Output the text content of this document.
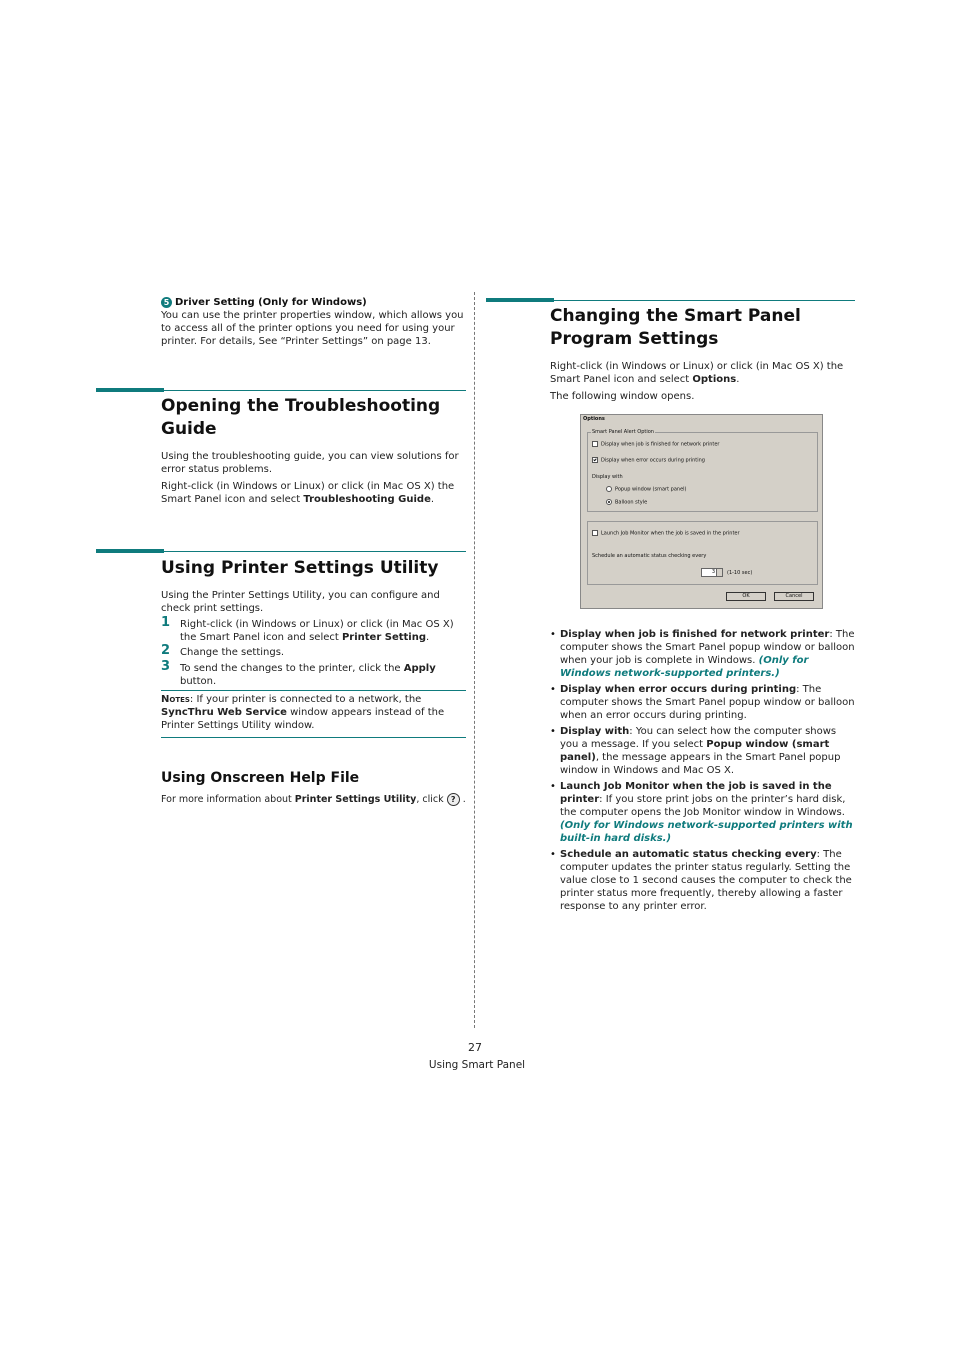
5 Driver Setting (Only for Windows)

You can use the printer properties window, which allows you to access all of the printer options you need for using your printer. For details, See “Printer Settings” on page 13.

Opening the Troubleshooting Guide

Using the troubleshooting guide, you can view solutions for error status problems.

Right-click (in Windows or Linux) or click (in Mac OS X) the Smart Panel icon and select Troubleshooting Guide.

Using Printer Settings Utility
Using the Printer Settings Utility, you can configure and check print settings.
1 Right-click (in Windows or Linux) or click (in Mac OS X) the Smart Panel icon and select Printer Setting.
2 Change the settings.
3 To send the changes to the printer, click the Apply button.
Notes: If your printer is connected to a network, the SyncThru Web Service window appears instead of the Printer Settings Utility window.
Using Onscreen Help File
For more information about Printer Settings Utility, click ? .
Changing the Smart Panel Program Settings

Right-click (in Windows or Linux) or click (in Mac OS X) the Smart Panel icon and select Options.

The following window opens.

Options
Smart Panel Alert Option
Display when job is finished for network printer
Display when error occurs during printing
Display with
Popup window (smart panel)
Balloon style
Launch Job Monitor when the job is saved in the printer
Schedule an automatic status checking every
3	(1-10 sec)
OK	Cancel
• Display when job is finished for network printer: The computer shows the Smart Panel popup window or balloon when your job is complete in Windows. (Only for Windows network-supported printers.)
• Display when error occurs during printing: The computer shows the Smart Panel popup window or balloon when an error occurs during printing.
• Display with: You can select how the computer shows you a message. If you select Popup window (smart panel), the message appears in the Smart Panel popup window in Windows and Mac OS X.
• Launch Job Monitor when the job is saved in the printer: If you store print jobs on the printer’s hard disk, the computer opens the Job Monitor window in Windows. (Only for Windows network-supported printers with built-in hard disks.)
• Schedule an automatic status checking every: The computer updates the printer status regularly. Setting the value close to 1 second causes the computer to check the printer status more frequently, thereby allowing a faster response to any printer error.
27
Using Smart Panel
